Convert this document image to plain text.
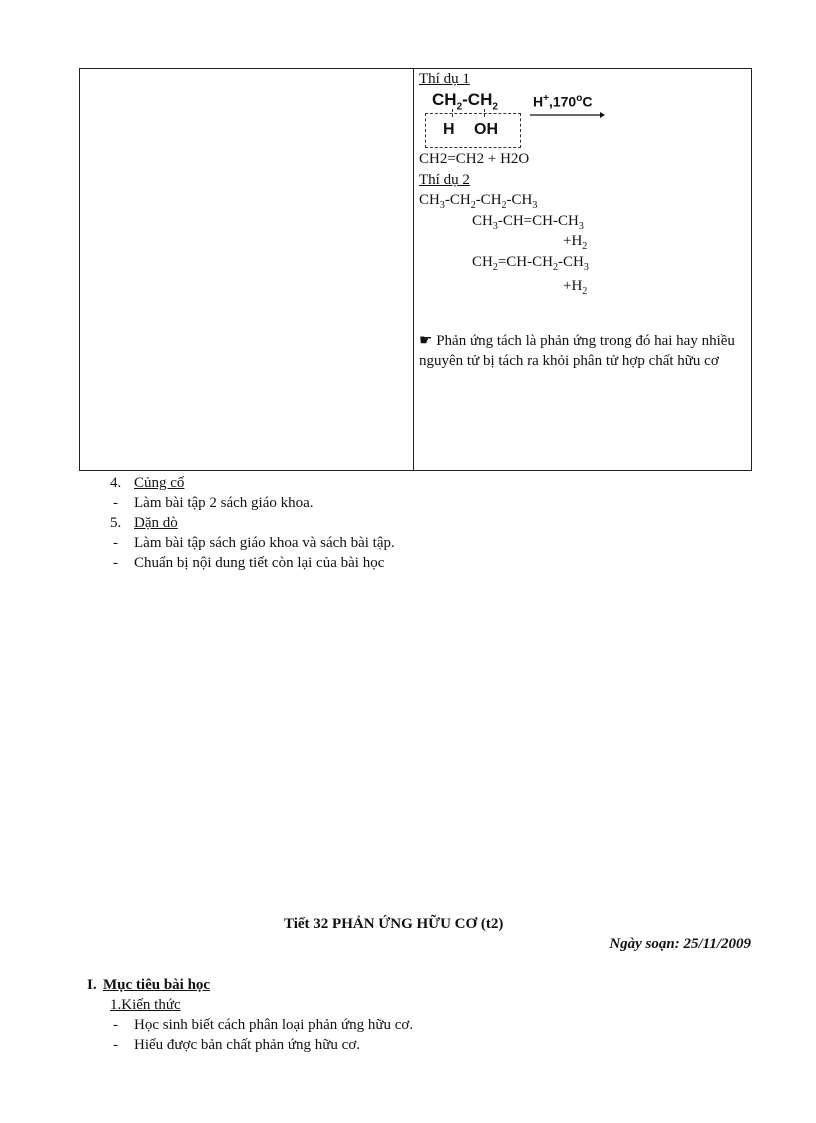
Thí dụ 1
$CH_2-CH_2$
H OH
H+,170$^o$C
CH2=CH2 + H2O
Thí dụ 2
$CH_3-CH_2-CH_2-CH_3$
$CH_3-CH=CH-CH_3$
$+H_2$
$CH_2=CH-CH_2-CH_3$
$+H_2$
☛ Phản ứng tách là phản ứng trong đó hai hay nhiều nguyên tử bị tách ra khỏi phân tử hợp chất hữu cơ
4. Củng cố
- Làm bài tập 2 sách giáo khoa.
5. Dặn dò
- Làm bài tập sách giáo khoa và sách bài tập.
- Chuẩn bị nội dung tiết còn lại của bài học
Tiết 32 PHẢN ỨNG HỮU CƠ (t2)
Ngày soạn: 25/11/2009
I. Mục tiêu bài học
1.Kiến thức
- Học sinh biết cách phân loại phản ứng hữu cơ.
- Hiểu được bản chất phản ứng hữu cơ.
